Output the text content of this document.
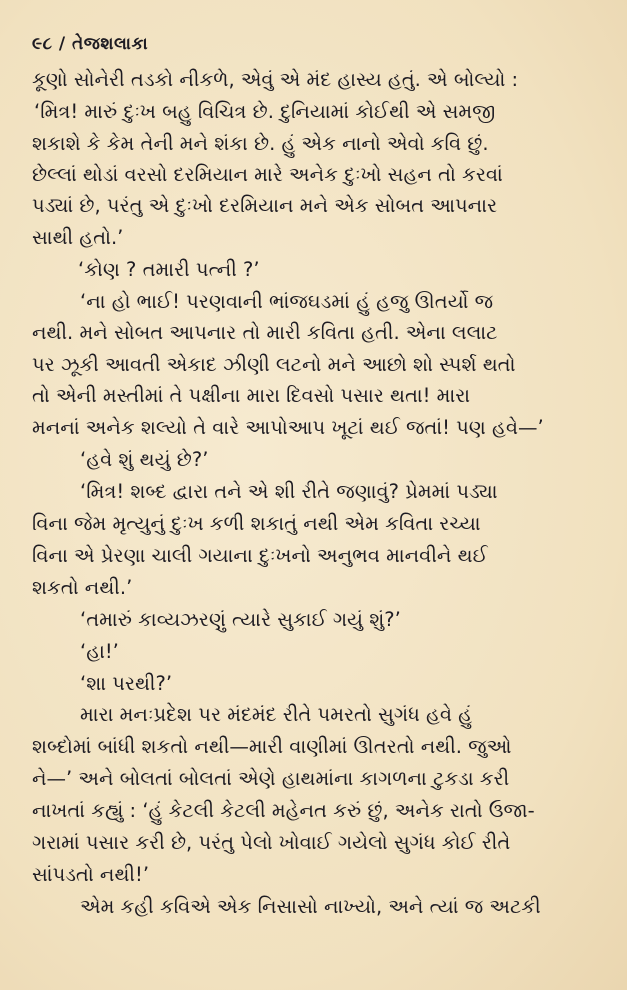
૯૮ / તેજશલાકા
કૂણો સોનેરી તડકો નીકળે, એવું એ મંદ હાસ્ય હતું. એ બોલ્યો :
‘મિત્ર! મારું દુઃખ બહુ વિચિત્ર છે. દુનિયામાં કોઈથી એ સમજી
શકાશે કે કેમ તેની મને શંકા છે. હું એક નાનો એવો કવિ છું.
છેલ્લાં થોડાં વરસો દરમિયાન મારે અનેક દુઃખો સહન તો કરવાં
પડ્યાં છે, પરંતુ એ દુઃખો દરમિયાન મને એક સોબત આપનાર
સાથી હતો.’
‘કોણ ? તમારી પત્ની ?’
‘ના હો ભાઈ! પરણવાની ભાંજઘડમાં હું હજુ ઊતર્યો જ
નથી. મને સોબત આપનાર તો મારી કવિતા હતી. એના લલાટ
પર ઝૂકી આવતી એકાદ ઝીણી લટનો મને આછો શો સ્પર્શ થતો
તો એની મસ્તીમાં તે પક્ષીના મારા દિવસો પસાર થતા! મારા
મનનાં અનેક શલ્યો તે વારે આપોઆપ ખૂટાં થઈ જતાં! પણ હવે—’
‘હવે શું થયું છે?’
‘મિત્ર! શબ્દ દ્વારા તને એ શી રીતે જણાવું? પ્રેમમાં પડ્યા
વિના જેમ મૃત્યુનું દુઃખ કળી શકાતું નથી એમ કવિતા રચ્યા
વિના એ પ્રેરણા ચાલી ગયાના દુઃખનો અનુભવ માનવીને થઈ
શકતો નથી.’
‘તમારું કાવ્યઝરણું ત્યારે સુકાઈ ગયું શું?’
‘હા!’
‘શા પરથી?’
મારા મનઃપ્રદેશ પર મંદમંદ રીતે પમરતો સુગંધ હવે હું
શબ્દોમાં બાંધી શકતો નથી—મારી વાણીમાં ઊતરતો નથી. જુઓ
ને—’ અને બોલતાં બોલતાં એણે હાથમાંના કાગળના ટુકડા કરી
નાખતાં કહ્યું : ‘હું કેટલી કેટલી મહેનત કરું છું, અનેક રાતો ઉજા-
ગરામાં પસાર કરી છે, પરંતુ પેલો ખોવાઈ ગયેલો સુગંધ કોઈ રીતે
સાંપડતો નથી!’
એમ કહી કવિએ એક નિસાસો નાખ્યો, અને ત્યાં જ અટકી
